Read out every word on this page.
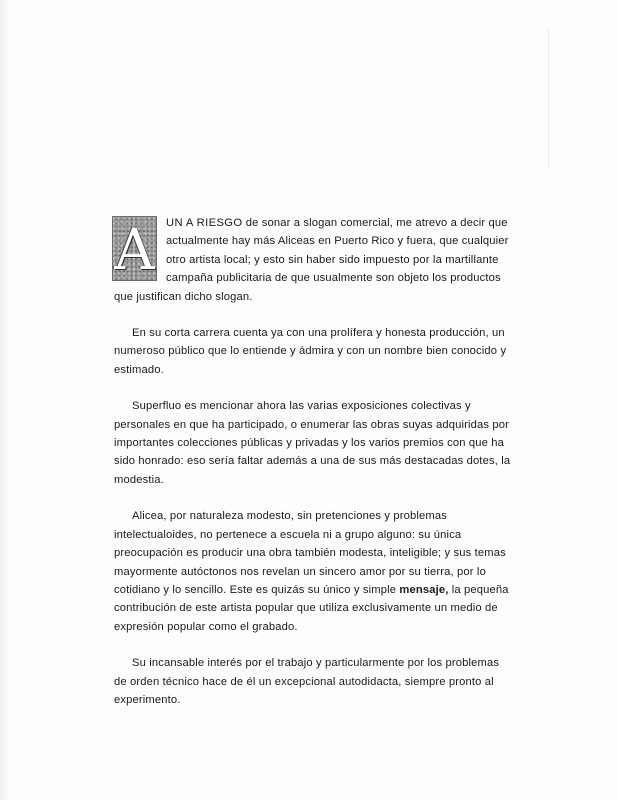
A UN A RIESGO de sonar a slogan comercial, me atrevo a decir que actualmente hay más Aliceas en Puerto Rico y fuera, que cualquier otro artista local; y esto sin haber sido impuesto por la martillante campaña publicitaria de que usualmente son objeto los productos que justifican dicho slogan.

En su corta carrera cuenta ya con una prolífera y honesta producción, un numeroso público que lo entiende y ádmira y con un nombre bien conocido y estimado.

Superfluo es mencionar ahora las varias exposiciones colectivas y personales en que ha participado, o enumerar las obras suyas adquiridas por importantes colecciones públicas y privadas y los varios premios con que ha sido honrado: eso sería faltar además a una de sus más destacadas dotes, la modestia.

Alicea, por naturaleza modesto, sin pretenciones y problemas intelectualoides, no pertenece a escuela ni a grupo alguno: su única preocupación es producir una obra también modesta, inteligible; y sus temas mayormente autóctonos nos revelan un sincero amor por su tierra, por lo cotidiano y lo sencillo. Este es quizás su único y simple mensaje, la pequeña contribución de este artista popular que utiliza exclusivamente un medio de expresión popular como el grabado.

Su incansable interés por el trabajo y particularmente por los problemas de orden técnico hace de él un excepcional autodidacta, siempre pronto al experimento.
